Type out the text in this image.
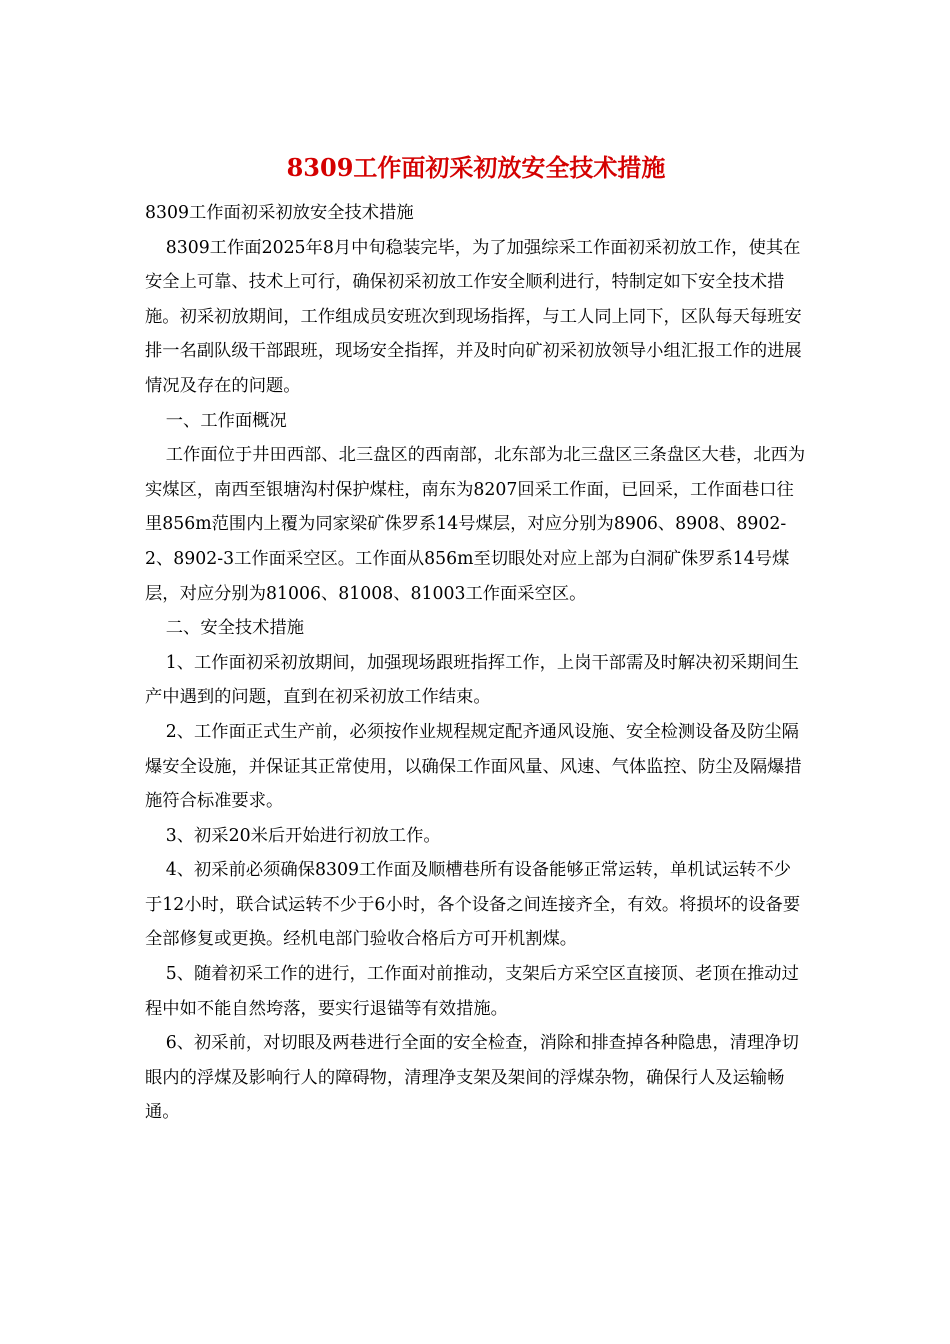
8309工作面初采初放安全技术措施

8309工作面初采初放安全技术措施

8309工作面2025年8月中旬稳装完毕，为了加强综采工作面初采初放工作，使其在安全上可靠、技术上可行，确保初采初放工作安全顺利进行，特制定如下安全技术措施。初采初放期间，工作组成员安班次到现场指挥，与工人同上同下，区队每天每班安排一名副队级干部跟班，现场安全指挥，并及时向矿初采初放领导小组汇报工作的进展情况及存在的问题。

一、工作面概况

工作面位于井田西部、北三盘区的西南部，北东部为北三盘区三条盘区大巷，北西为实煤区，南西至银塘沟村保护煤柱，南东为8207回采工作面，已回采，工作面巷口往里856m范围内上覆为同家梁矿侏罗系14号煤层，对应分别为8906、8908、8902-2、8902-3工作面采空区。工作面从856m至切眼处对应上部为白洞矿侏罗系14号煤层，对应分别为81006、81008、81003工作面采空区。

二、安全技术措施

1、工作面初采初放期间，加强现场跟班指挥工作，上岗干部需及时解决初采期间生产中遇到的问题，直到在初采初放工作结束。

2、工作面正式生产前，必须按作业规程规定配齐通风设施、安全检测设备及防尘隔爆安全设施，并保证其正常使用，以确保工作面风量、风速、气体监控、防尘及隔爆措施符合标准要求。

3、初采20米后开始进行初放工作。

4、初采前必须确保8309工作面及顺槽巷所有设备能够正常运转，单机试运转不少于12小时，联合试运转不少于6小时，各个设备之间连接齐全，有效。将损坏的设备要全部修复或更换。经机电部门验收合格后方可开机割煤。

5、随着初采工作的进行，工作面对前推动，支架后方采空区直接顶、老顶在推动过程中如不能自然垮落，要实行退锚等有效措施。

6、初采前，对切眼及两巷进行全面的安全检查，消除和排查掉各种隐患，清理净切眼内的浮煤及影响行人的障碍物，清理净支架及架间的浮煤杂物，确保行人及运输畅通。
